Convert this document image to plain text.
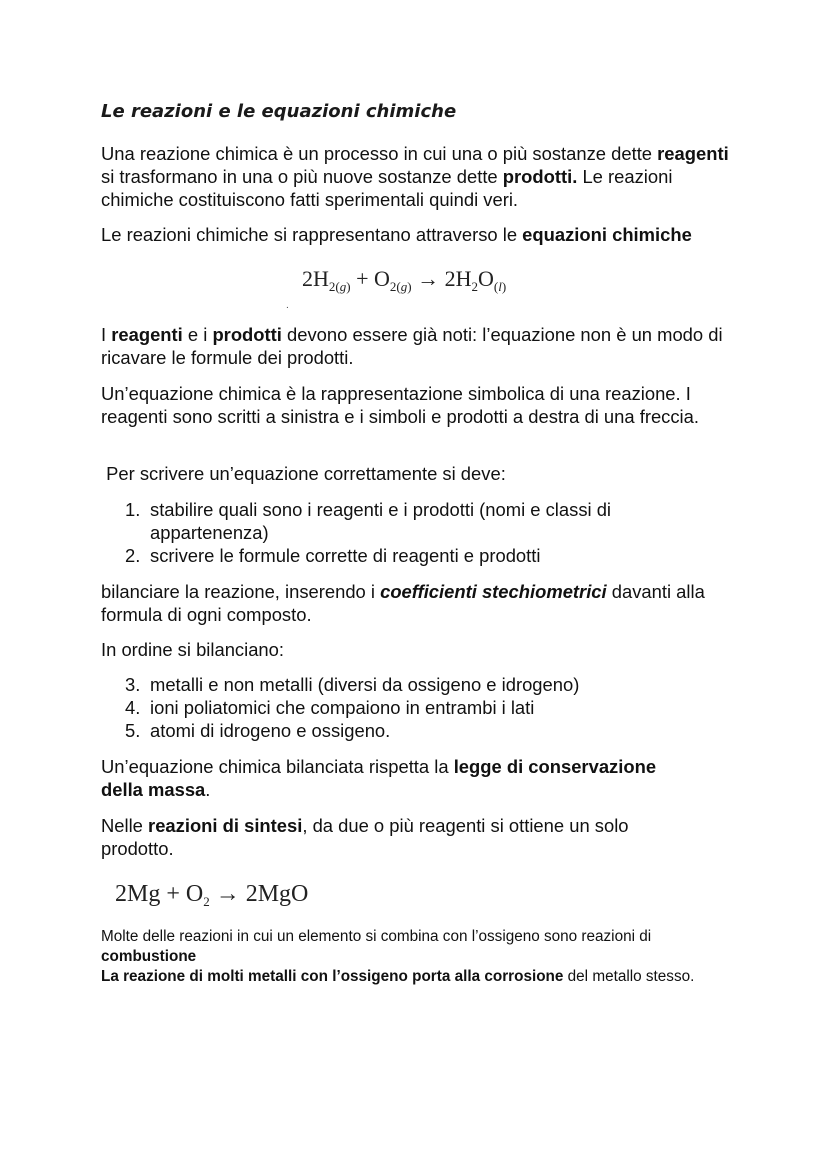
Le reazioni e le equazioni chimiche
Una reazione chimica è un processo in cui una o più sostanze dette reagenti si trasformano in una o più nuove sostanze dette prodotti. Le reazioni chimiche costituiscono fatti sperimentali quindi veri.
Le reazioni chimiche si rappresentano attraverso le equazioni chimiche
$2H_{2(g)} + O_{2(g)} \to 2H_2O_{(l)}$
.
I reagenti e i prodotti devono essere già noti: l’equazione non è un modo di ricavare le formule dei prodotti.
Un’equazione chimica è la rappresentazione simbolica di una reazione. I reagenti sono scritti a sinistra e i simboli e prodotti a destra di una freccia.
Per scrivere un’equazione correttamente si deve:
1. stabilire quali sono i reagenti e i prodotti (nomi e classi di appartenenza)
2. scrivere le formule corrette di reagenti e prodotti
bilanciare la reazione, inserendo i coefficienti stechiometrici davanti alla formula di ogni composto.
In ordine si bilanciano:
3. metalli e non metalli (diversi da ossigeno e idrogeno)
4. ioni poliatomici che compaiono in entrambi i lati
5. atomi di idrogeno e ossigeno.
Un’equazione chimica bilanciata rispetta la legge di conservazione della massa.
Nelle reazioni di sintesi, da due o più reagenti si ottiene un solo prodotto.
$2Mg + O_2 \to 2MgO$
Molte delle reazioni in cui un elemento si combina con l’ossigeno sono reazioni di combustione
La reazione di molti metalli con l’ossigeno porta alla corrosione del metallo stesso.
